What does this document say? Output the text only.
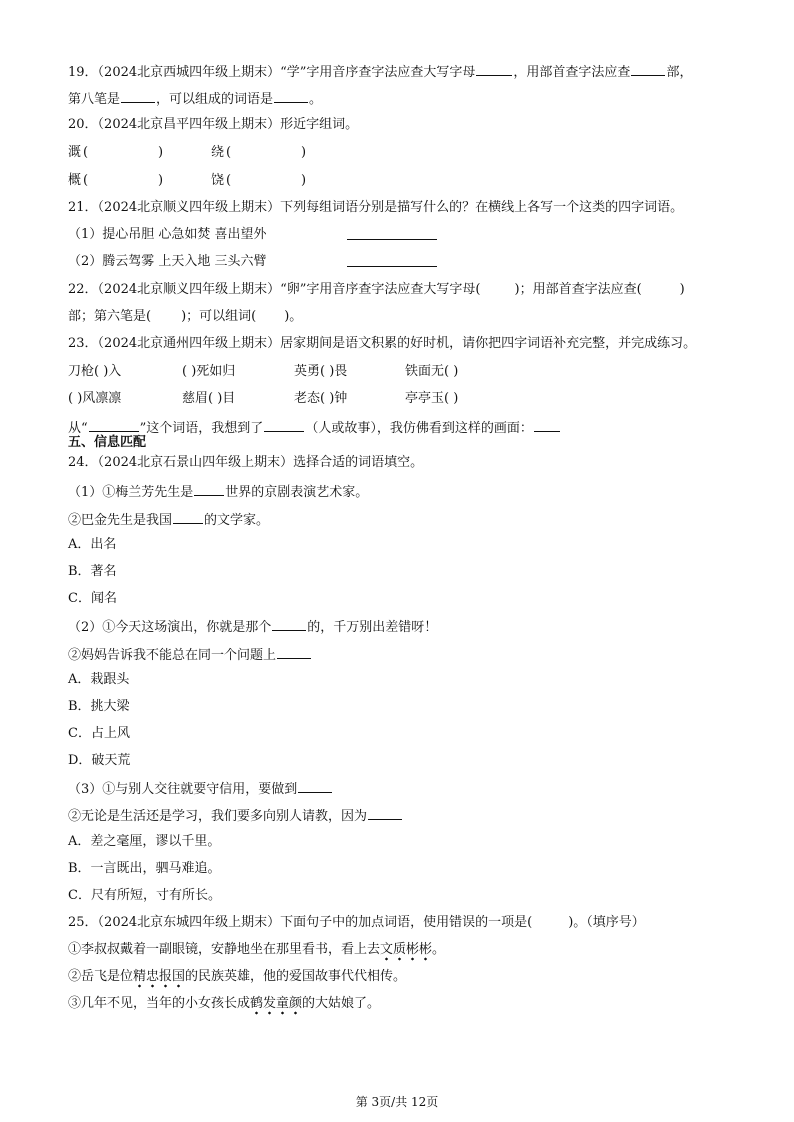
19．（2024北京西城四年级上期末）“学”字用音序查字法应查大写字母	，用部首查字法应查	部，
第八笔是	，可以组成的词语是	。
20．（2024北京昌平四年级上期末）形近字组词。
溉 (	)	绕 (	)
概 (	)	饶 (	)
21．（2024北京顺义四年级上期末）下列每组词语分别是描写什么的？在横线上各写一个这类的四字词语。
（1）提心吊胆 心急如焚 喜出望外
（2）腾云驾雾 上天入地 三头六臂
22．（2024北京顺义四年级上期末）“卵”字用音序查字法应查大写字母(	)；用部首查字法应查(	)
部；第六笔是( )；可以组词( )。
23．（2024北京通州四年级上期末）居家期间是语文积累的好时机，请你把四字词语补充完整，并完成练习。
刀枪( )入	( )死如归	英勇( )畏	铁面无( )
( )风凛凛	慈眉( )目	老态( )钟	亭亭玉( )
从“	”这个词语，我想到了	（人或故事），我仿佛看到这样的画面：
五、信息匹配
24．（2024北京石景山四年级上期末）选择合适的词语填空。
（1）①梅兰芳先生是 世界的京剧表演艺术家。
②巴金先生是我国 的文学家。
A．出名
B．著名
C．闻名
（2）①今天这场演出，你就是那个	的，千万别出差错呀！
②妈妈告诉我不能总在同一个问题上
A．栽跟头
B．挑大梁
C．占上风
D．破天荒
（3）①与别人交往就要守信用，要做到
②无论是生活还是学习，我们要多向别人请教，因为
A．差之毫厘，谬以千里。
B．一言既出，驷马难追。
C．尺有所短，寸有所长。
25．（2024北京东城四年级上期末）下面句子中的加点词语，使用错误的一项是(	)。（填序号）
①李叔叔戴着一副眼镜，安静地坐在那里看书，看上去文质彬彬
。
②岳飞是位精忠报国
的民族英雄，他的爱国故事代代相传。
③几年不见，当年的小女孩长成鹤发童颜
的大姑娘了。
第 3页/共 12页
